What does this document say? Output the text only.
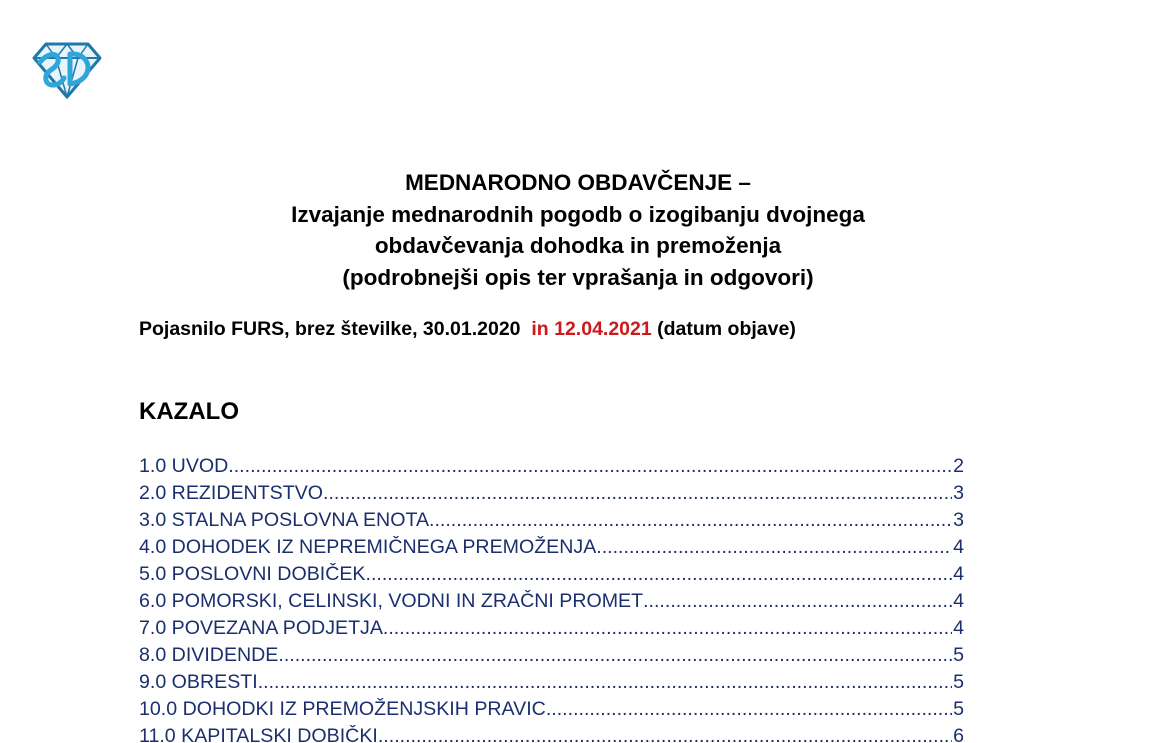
MEDNARODNO OBDAVČENJE –
Izvajanje mednarodnih pogodb o izogibanju dvojnega
obdavčevanja dohodka in premoženja
(podrobnejši opis ter vprašanja in odgovori)
Pojasnilo FURS, brez številke, 30.01.2020 in 12.04.2021 (datum objave)
KAZALO
1.0 UVOD .....	2
2.0 REZIDENTSTVO .....	3
3.0 STALNA POSLOVNA ENOTA .....	3
4.0 DOHODEK IZ NEPREMIČNEGA PREMOŽENJA .....	4
5.0 POSLOVNI DOBIČEK .....	4
6.0 POMORSKI, CELINSKI, VODNI IN ZRAČNI PROMET .....	4
7.0 POVEZANA PODJETJA .....	4
8.0 DIVIDENDE .....	5
9.0 OBRESTI .....	5
10.0 DOHODKI IZ PREMOŽENJSKIH PRAVIC .....	5
11.0 KAPITALSKI DOBIČKI .....	6
